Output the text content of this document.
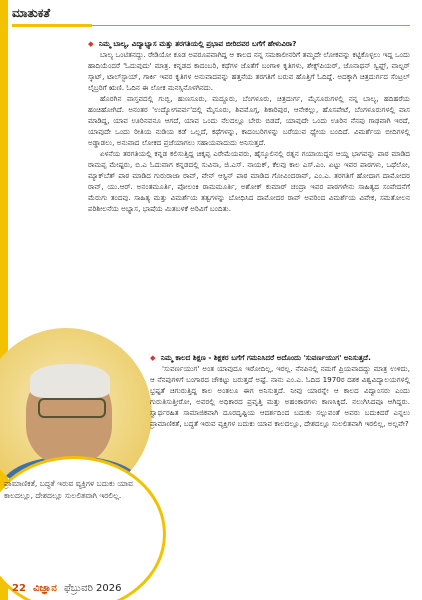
ಮಾತುಕತೆ
◆ ನಿಮ್ಮ ಬಾಲ್ಯ, ವಿದ್ಯಾಭ್ಯಾಸ ಮತ್ತು ತರಗತಿಯಲ್ಲಿ ಪ್ರಭಾವ ಬೀರಿದವರ ಬಗೆಗೆ ಹೇಳುವಿರಾ?

ಬಾಲ್ಯ ಒಂಟಿತನದ್ದು. ರೇಡಿಯೋ ಕೂಡ ಅಪರೂಪವಾಗಿದ್ದ ಆ ಕಾಲದ ನನ್ನ ಸಮಕಾಲೀನರಿಗೆ ತಮ್ಮದೇ ಲೋಕವನ್ನು ಕಟ್ಟಿಕೊಳ್ಳಲು ಇದ್ದ ಒಂದು ಹಾದಿಯೆಂದರೆ 'ಓದುವುದು' ಮಾತ್ರ. ಕನ್ನಡದ ಕಾದಂಬರಿ, ಕಥೆಗಳ ಜೊತೆಗೆ ಬಂಗಾಳಿ ಕೃತಿಗಳು, ಶೇಕ್ಸ್‌ಪಿಯರ್, ಜೊನಾಥನ್ ಸ್ವಿಫ್ಟ್, ವಾಲ್ಟರ್ ಸ್ಕಾಟ್, ಟಾಲ್‌ಸ್ಟಾಯ್, ಗಾರ್ಕಿ ಇವರ ಕೃತಿಗಳ ಅನುವಾದವನ್ನು ಹತ್ತನೆಯ ತರಗತಿಗೆ ಬರುವ ಹೊತ್ತಿಗೆ ಓದಿದ್ದೆ. ಅದಕ್ಕಾಗಿ ಚಿತ್ರದುರ್ಗದ ಸೆಂಟ್ರಲ್ ಲೈಬ್ರರಿಗೆ ಋಣಿ. ಓದಿನ ಈ ಲೋಕ ಮನಸ್ಸಿನೊಳಗಿನದು.

ಹೊರಗಿನ ವಾಸ್ತವದಲ್ಲಿ ಗುಬ್ಬಿ, ಹುಣಸೂರು, ಮದ್ದೂರು, ಬೆಂಗಳೂರು, ಚಿತ್ರದುರ್ಗ, ಮೈಸೂರುಗಳಲ್ಲಿ ನನ್ನ ಬಾಲ್ಯ, ಹದಿಹರೆಯ ಹಂಚಿಹೋಗಿದೆ. ಅನಂತರ 'ಉದ್ಯೋಗಪರ್ವ'ದಲ್ಲಿ ಮೈಸೂರು, ಶಿವಮೊಗ್ಗ, ಶಿಕಾರಿಪುರ, ಆನೇಕಲ್ಲು, ಹೊಸಪೇಟೆ, ಬೆಂಗಳೂರುಗಳಲ್ಲಿ ವಾಸ ಮಾಡಿದ್ದ, ಯಾವ ಊರಿನವನೂ ಆಗದೆ, ಯಾವ ಒಂದು ನೆಲದಲ್ಲೂ ಬೇರು ಬಿಡದೆ, ಯಾವುದೇ ಒಂದು ಊರಿನ ನೆನಪು ಗಾಢವಾಗಿ ಇರದೆ, ಯಾವುದೇ ಒಂದು ರೀತಿಯ ನುಡಿಯ ಕಡೆ ಒಲ್ಲದೆ, ಕಥೆಗಳನ್ನು, ಕಾದಂಬರಿಗಳನ್ನು ಬರೆಯುವ ಧ್ಯೇಯ ಬಂದಿದೆ. ವಿಮರ್ಶೆಯ ಬೀದಿಗಳಲ್ಲಿ ಅಡ್ಡಾಡಲು, ಅನುವಾದ ಲೋಕದ ಪ್ರಜೆಯಾಗಲು ಸಹಾಯವಾದುದು ಅನಿಸುತ್ತದೆ.

ಏಳನೆಯ ತರಗತಿಯಲ್ಲಿ ಕನ್ನಡ ಕಲಿಸುತ್ತಿದ್ದ ಚಿಕ್ಕಪ್ಪ ಎರೇಮೆಯವರು, ಹೈಸ್ಕೂಲಿನಲ್ಲಿ ರತ್ನನ ಗಯಾಯಿದ್ದನ ಆಯ್ದ ಭಾಗವನ್ನು ಪಾಠ ಮಾಡಿದ ರಾಮಪ್ಪ ಮೇಷ್ಟರು, ಬಿ.ಎ ಓದುವಾಗ ಕನ್ನಡದಲ್ಲಿ ಸುವಿನಾ, ಜಿ.ಎಸ್. ನಾಯಕ್, ಕೆಲವು ಕಾಲ ಎಸ್.ಎಂ. ಏಟ್ಟು ಇವರ ಪಾಠಗಳು, ಒಥೆಲೋ, ಮ್ಯಾಕ್‌ಬೆತ್ ಪಾಠ ಮಾಡಿದ ಗುರುರಾಜಾ ರಾವ್, ವೇನ್ ಆಸ್ಟಿನ್ ಪಾಠ ಮಾಡಿದ ಗೋವಿಂದರಾವ್, ಎಂ.ಎ. ತರಗತಿಗೆ ಹೋದಾಗ ದಾಮೋದರ ರಾವ್, ಯು.ಆರ್. ಅನಂತಮೂರ್ತಿ, ಪೋಲಂಕಿ ರಾಮಮೂರ್ತಿ, ಅಶೋಕ್ ಕುಮಾರ್ ಚಂದ್ರಾ ಇವರ ಪಾಠಗಳೇನು ಸಾಹಿತ್ಯದ ಸಂವೇದನೆಗೆ ಮೆರುಗು ತಂದವು. ಸಾಹಿತ್ಯ ಮತ್ತು ವಿಮರ್ಶೆಯ ತತ್ವಗಳನ್ನು ಬೋಧಿಸಿದ ದಾಮೋದರ ರಾವ್ ಅವರಿಂದ ವಿಮರ್ಶೆಯ ವಿವೇಕ, ಸಮತೋಲನ ಪರಿಶೀಲನೆಯ ಅಭ್ಯಾಸ, ಭಾಷೆಯ ಮಿತಬಳಕೆ ಅರಿವಿಗೆ ಬಂದಿತು.

◆ ನಿಮ್ಮ ಕಾಲದ ಶಿಕ್ಷಣ - ಶಿಕ್ಷಕರ ಬಗೆಗೆ ಗಮನಿಸಿದರೆ ಅದೊಂದು 'ಸುವರ್ಣಯುಗ' ಅನಿಸುತ್ತದೆ.

'ಸುವರ್ಣಯುಗ' ಅಂತ ಯಾವುದೂ ಇರೋದಿಲ್ಲ, ಇರಲ್ಲ. ನೆನಪಿನಲ್ಲಿ ನಮಗೆ ಪ್ರಿಯವಾದದ್ದು ಮಾತ್ರ ಉಳಿದು, ಆ ನೆನಪುಗಳಿಗೆ ಬಂಗಾರದ ಚೌಕಟ್ಟು ಬರುತ್ತದೆ ಅಷ್ಟೆ. ನಾನು ಎಂ.ಎ. ಓದಿದ 1970ರ ದಶಕ ವಿಶ್ವವಿದ್ಯಾಲಯಗಳಲ್ಲಿ ಭ್ರಷ್ಟತೆ ಚಿಗುರುತ್ತಿದ್ದ ಕಾಲ ಅಂತಲೂ ಈಗ ಅನಿಸುತ್ತದೆ. ನೀವು ಯಾರನ್ನೇ ಆ ಕಾಲದ ವಿದ್ವಾಂಸರು ಎಂದು ಗುರುತಿಸುತ್ತೀರೋ, ಅವರಲ್ಲಿ ಅಧಿಕಾರದ ಪ್ರವೃತ್ತಿ ಮತ್ತು ಅಹಂಕಾರಗಳು ಕಾಣಸಿಕ್ಕಿದೆ. ನಲುಗಿಸಿದವೂ ಆಗಿದ್ದರು. ಸ್ವಾರ್ಥರಹಿತ ಸಾಮಾಜಿಕವಾಗಿ ದೂರದೃಷ್ಟಿಯ ಆದರ್ಶದಿಂದ ಬದುಕು ಸಲ್ಲುವಂತೆ ಅವರು ಬದುಕಿದರೆ ಎನ್ನಲು ಪ್ರಾಮಾಣಿಕತೆ, ಬದ್ಧತೆ ಇರುವ ವ್ಯಕ್ತಿಗಳ ಬದುಕು ಯಾವ ಕಾಲದಲ್ಲೂ, ದೇಶದಲ್ಲೂ ಸುಲಲಿತವಾಗಿ ಇರಲಿಲ್ಲ, ಅಲ್ಲವೇ?

ಪ್ರಾಮಾಣಿಕತೆ, ಬದ್ಧತೆ ಇರುವ ವ್ಯಕ್ತಿಗಳ ಬದುಕು ಯಾವ ಕಾಲದಲ್ಲೂ, ದೇಶದಲ್ಲೂ ಸುಲಲಿತವಾಗಿ ಇರಲಿಲ್ಲ.
22 ವಿಜ್ಞಾನ ಫೆಬ್ರುವರಿ 2026
